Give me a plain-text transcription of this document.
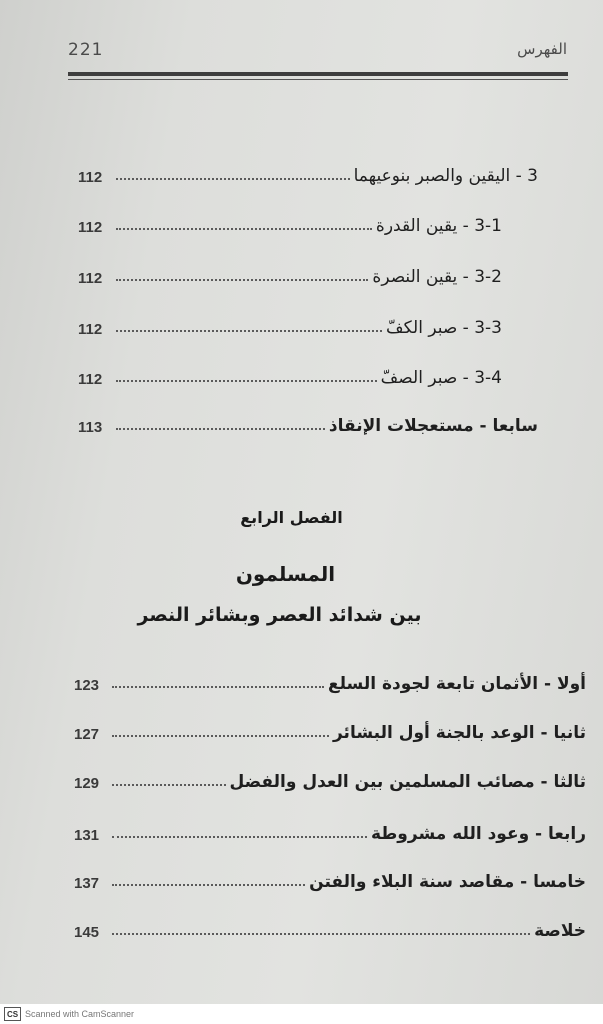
221	الفهرس
112	3 - اليقين والصبر بنوعيهما
112	3-1 - يقين القدرة
112	3-2 - يقين النصرة
112	3-3 - صبر الكفّ
112	3-4 - صبر الصفّ
113	سابعا - مستعجلات الإنقاذ
الفصل الرابع
المسلمون
بين شدائد العصر وبشائر النصر
123	أولا - الأثمان تابعة لجودة السلع
127	ثانيا - الوعد بالجنة أول البشائر
129	ثالثا - مصائب المسلمين بين العدل والفضل
131	رابعا - وعود الله مشروطة
137	خامسا - مقاصد سنة البلاء والفتن
145	خلاصة
CS Scanned with CamScanner
